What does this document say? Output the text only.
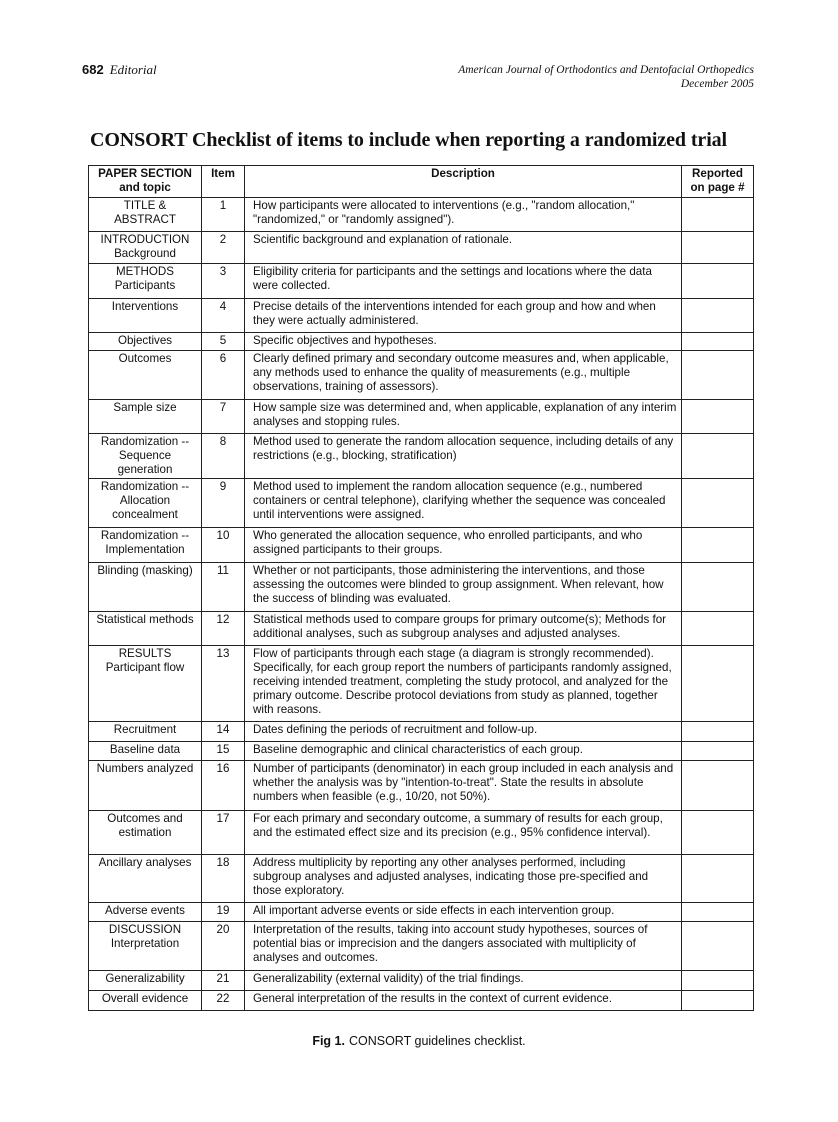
682 Editorial	American Journal of Orthodontics and Dentofacial Orthopedics
December 2005
CONSORT Checklist of items to include when reporting a randomized trial
PAPER SECTION and topic	Item	Description	Reported on page #
TITLE & ABSTRACT	1	How participants were allocated to interventions (e.g., "random allocation," "randomized," or "randomly assigned").	
INTRODUCTION Background	2	Scientific background and explanation of rationale.	
METHODS Participants	3	Eligibility criteria for participants and the settings and locations where the data were collected.	
Interventions	4	Precise details of the interventions intended for each group and how and when they were actually administered.	
Objectives	5	Specific objectives and hypotheses.	
Outcomes	6	Clearly defined primary and secondary outcome measures and, when applicable, any methods used to enhance the quality of measurements (e.g., multiple observations, training of assessors).	
Sample size	7	How sample size was determined and, when applicable, explanation of any interim analyses and stopping rules.	
Randomization -- Sequence generation	8	Method used to generate the random allocation sequence, including details of any restrictions (e.g., blocking, stratification)	
Randomization -- Allocation concealment	9	Method used to implement the random allocation sequence (e.g., numbered containers or central telephone), clarifying whether the sequence was concealed until interventions were assigned.	
Randomization -- Implementation	10	Who generated the allocation sequence, who enrolled participants, and who assigned participants to their groups.	
Blinding (masking)	11	Whether or not participants, those administering the interventions, and those assessing the outcomes were blinded to group assignment. When relevant, how the success of blinding was evaluated.	
Statistical methods	12	Statistical methods used to compare groups for primary outcome(s); Methods for additional analyses, such as subgroup analyses and adjusted analyses.	
RESULTS Participant flow	13	Flow of participants through each stage (a diagram is strongly recommended). Specifically, for each group report the numbers of participants randomly assigned, receiving intended treatment, completing the study protocol, and analyzed for the primary outcome. Describe protocol deviations from study as planned, together with reasons.	
Recruitment	14	Dates defining the periods of recruitment and follow-up.	
Baseline data	15	Baseline demographic and clinical characteristics of each group.	
Numbers analyzed	16	Number of participants (denominator) in each group included in each analysis and whether the analysis was by "intention-to-treat". State the results in absolute numbers when feasible (e.g., 10/20, not 50%).	
Outcomes and estimation	17	For each primary and secondary outcome, a summary of results for each group, and the estimated effect size and its precision (e.g., 95% confidence interval).	
Ancillary analyses	18	Address multiplicity by reporting any other analyses performed, including subgroup analyses and adjusted analyses, indicating those pre-specified and those exploratory.	
Adverse events	19	All important adverse events or side effects in each intervention group.	
DISCUSSION Interpretation	20	Interpretation of the results, taking into account study hypotheses, sources of potential bias or imprecision and the dangers associated with multiplicity of analyses and outcomes.	
Generalizability	21	Generalizability (external validity) of the trial findings.	
Overall evidence	22	General interpretation of the results in the context of current evidence.	
Fig 1. CONSORT guidelines checklist.
